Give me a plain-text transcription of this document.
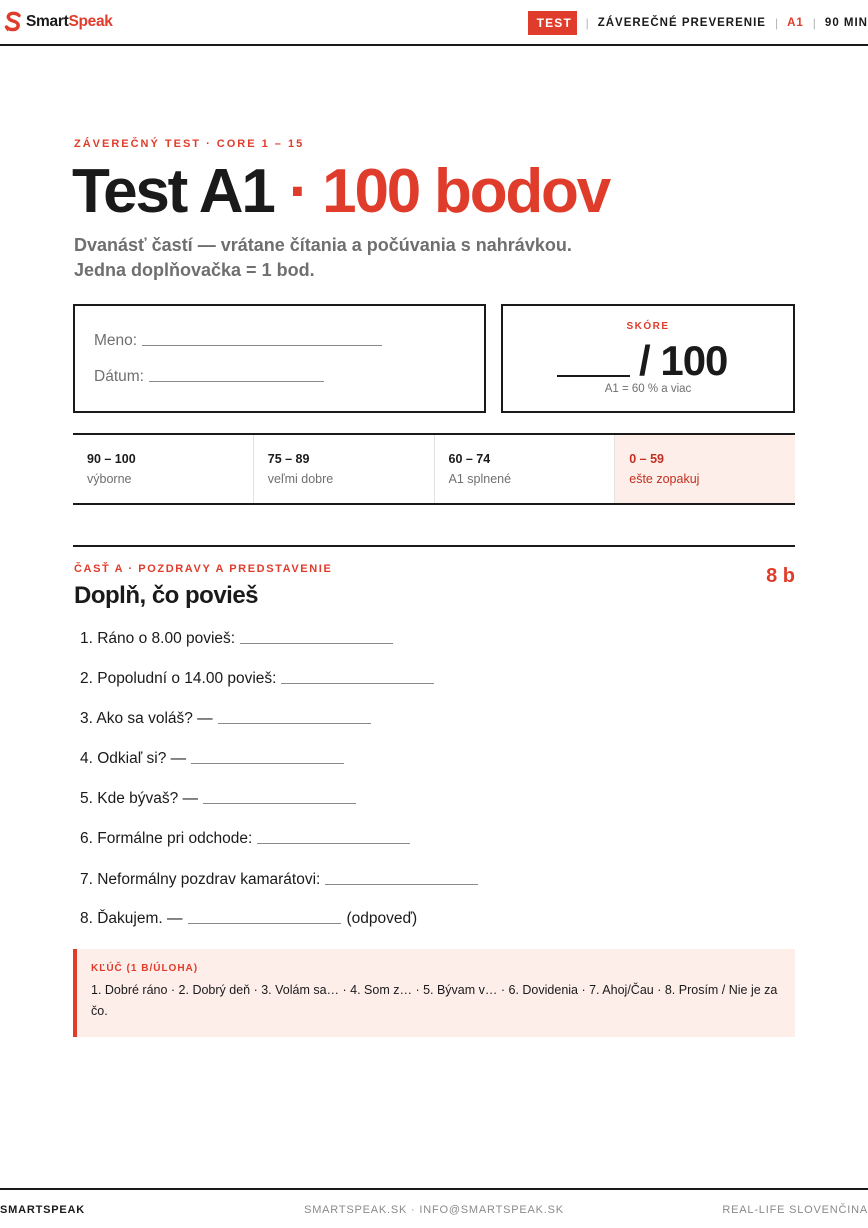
SmartSpeak	TEST	| ZÁVEREČNÉ PREVERENIE | A1 | 90 MIN
ZÁVEREČNÝ TEST · CORE 1 – 15
Test A1 · 100 bodov
Dvanásť častí — vrátane čítania a počúvania s nahrávkou.
Jedna doplňovačka = 1 bod.
Meno:
Dátum:
SKÓRE
/ 100
A1 = 60 % a viac
90 – 100
výborne
75 – 89
veľmi dobre
60 – 74
A1 splnené
0 – 59
ešte zopakuj
ČASŤ A · POZDRAVY A PREDSTAVENIE
Doplň, čo povieš
8 b
1. Ráno o 8.00 povieš:
2. Popoludní o 14.00 povieš:
3. Ako sa voláš? —
4. Odkiaľ si? —
5. Kde bývaš? —
6. Formálne pri odchode:
7. Neformálny pozdrav kamarátovi:
8. Ďakujem. —	(odpoveď)
KĽÚČ (1 B/ÚLOHA)
1. Dobré ráno · 2. Dobrý deň · 3. Volám sa… · 4. Som z… · 5. Bývam v… · 6. Dovidenia · 7. Ahoj/Čau · 8. Prosím / Nie je za čo.
SMARTSPEAK.SK · INFO@SMARTSPEAK.SK
SMARTSPEAK	REAL-LIFE SLOVENČINA
